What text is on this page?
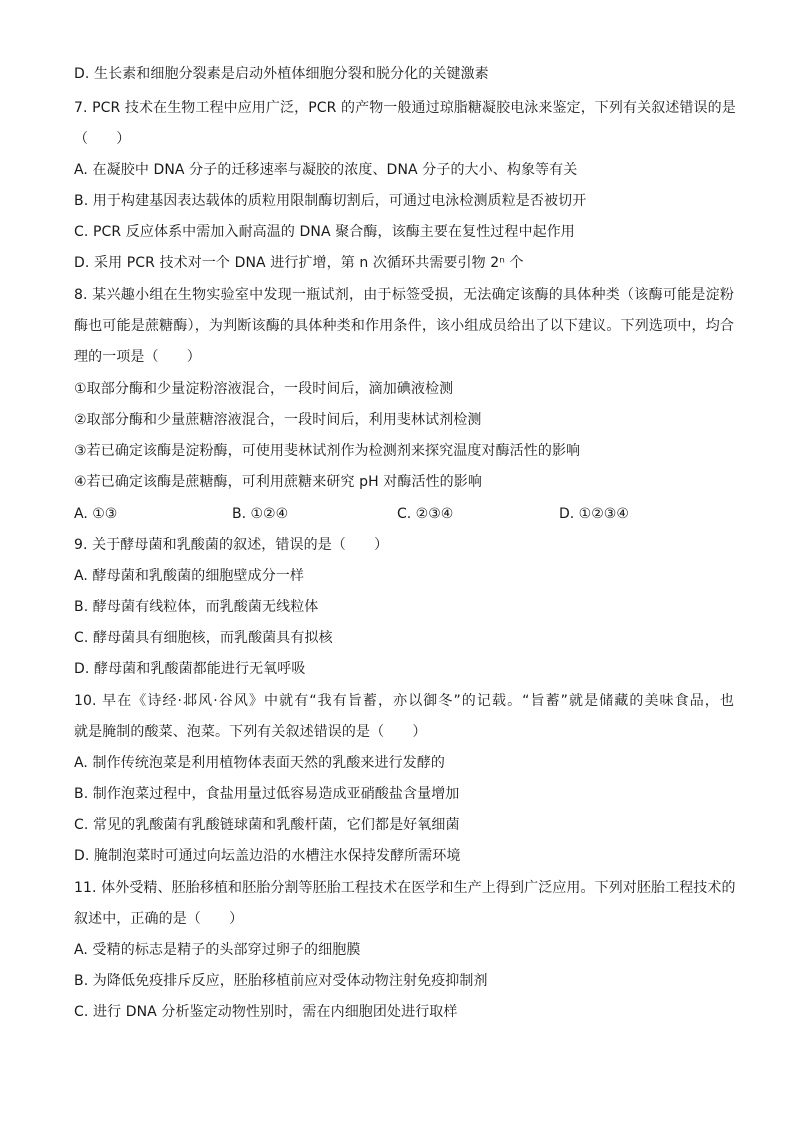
D. 生长素和细胞分裂素是启动外植体细胞分裂和脱分化的关键激素
7. PCR 技术在生物工程中应用广泛，PCR 的产物一般通过琼脂糖凝胶电泳来鉴定，下列有关叙述错误的是
（　　）
A. 在凝胶中 DNA 分子的迁移速率与凝胶的浓度、DNA 分子的大小、构象等有关
B. 用于构建基因表达载体的质粒用限制酶切割后，可通过电泳检测质粒是否被切开
C. PCR 反应体系中需加入耐高温的 DNA 聚合酶，该酶主要在复性过程中起作用
D. 采用 PCR 技术对一个 DNA 进行扩增，第 n 次循环共需要引物 2ⁿ 个
8. 某兴趣小组在生物实验室中发现一瓶试剂，由于标签受损，无法确定该酶的具体种类（该酶可能是淀粉
酶也可能是蔗糖酶），为判断该酶的具体种类和作用条件，该小组成员给出了以下建议。下列选项中，均合
理的一项是（　　）
①取部分酶和少量淀粉溶液混合，一段时间后，滴加碘液检测
②取部分酶和少量蔗糖溶液混合，一段时间后，利用斐林试剂检测
③若已确定该酶是淀粉酶，可使用斐林试剂作为检测剂来探究温度对酶活性的影响
④若已确定该酶是蔗糖酶，可利用蔗糖来研究 pH 对酶活性的影响
A. ①③	B. ①②④	C. ②③④	D. ①②③④
9. 关于酵母菌和乳酸菌的叙述，错误的是（　　）
A. 酵母菌和乳酸菌的细胞壁成分一样
B. 酵母菌有线粒体，而乳酸菌无线粒体
C. 酵母菌具有细胞核，而乳酸菌具有拟核
D. 酵母菌和乳酸菌都能进行无氧呼吸
10. 早在《诗经·邶风·谷风》中就有“我有旨蓄，亦以御冬”的记载。“旨蓄”就是储藏的美味食品，也
就是腌制的酸菜、泡菜。下列有关叙述错误的是（　　）
A. 制作传统泡菜是利用植物体表面天然的乳酸来进行发酵的
B. 制作泡菜过程中，食盐用量过低容易造成亚硝酸盐含量增加
C. 常见的乳酸菌有乳酸链球菌和乳酸杆菌，它们都是好氧细菌
D. 腌制泡菜时可通过向坛盖边沿的水槽注水保持发酵所需环境
11. 体外受精、胚胎移植和胚胎分割等胚胎工程技术在医学和生产上得到广泛应用。下列对胚胎工程技术的
叙述中，正确的是（　　）
A. 受精的标志是精子的头部穿过卵子的细胞膜
B. 为降低免疫排斥反应，胚胎移植前应对受体动物注射免疫抑制剂
C. 进行 DNA 分析鉴定动物性别时，需在内细胞团处进行取样
